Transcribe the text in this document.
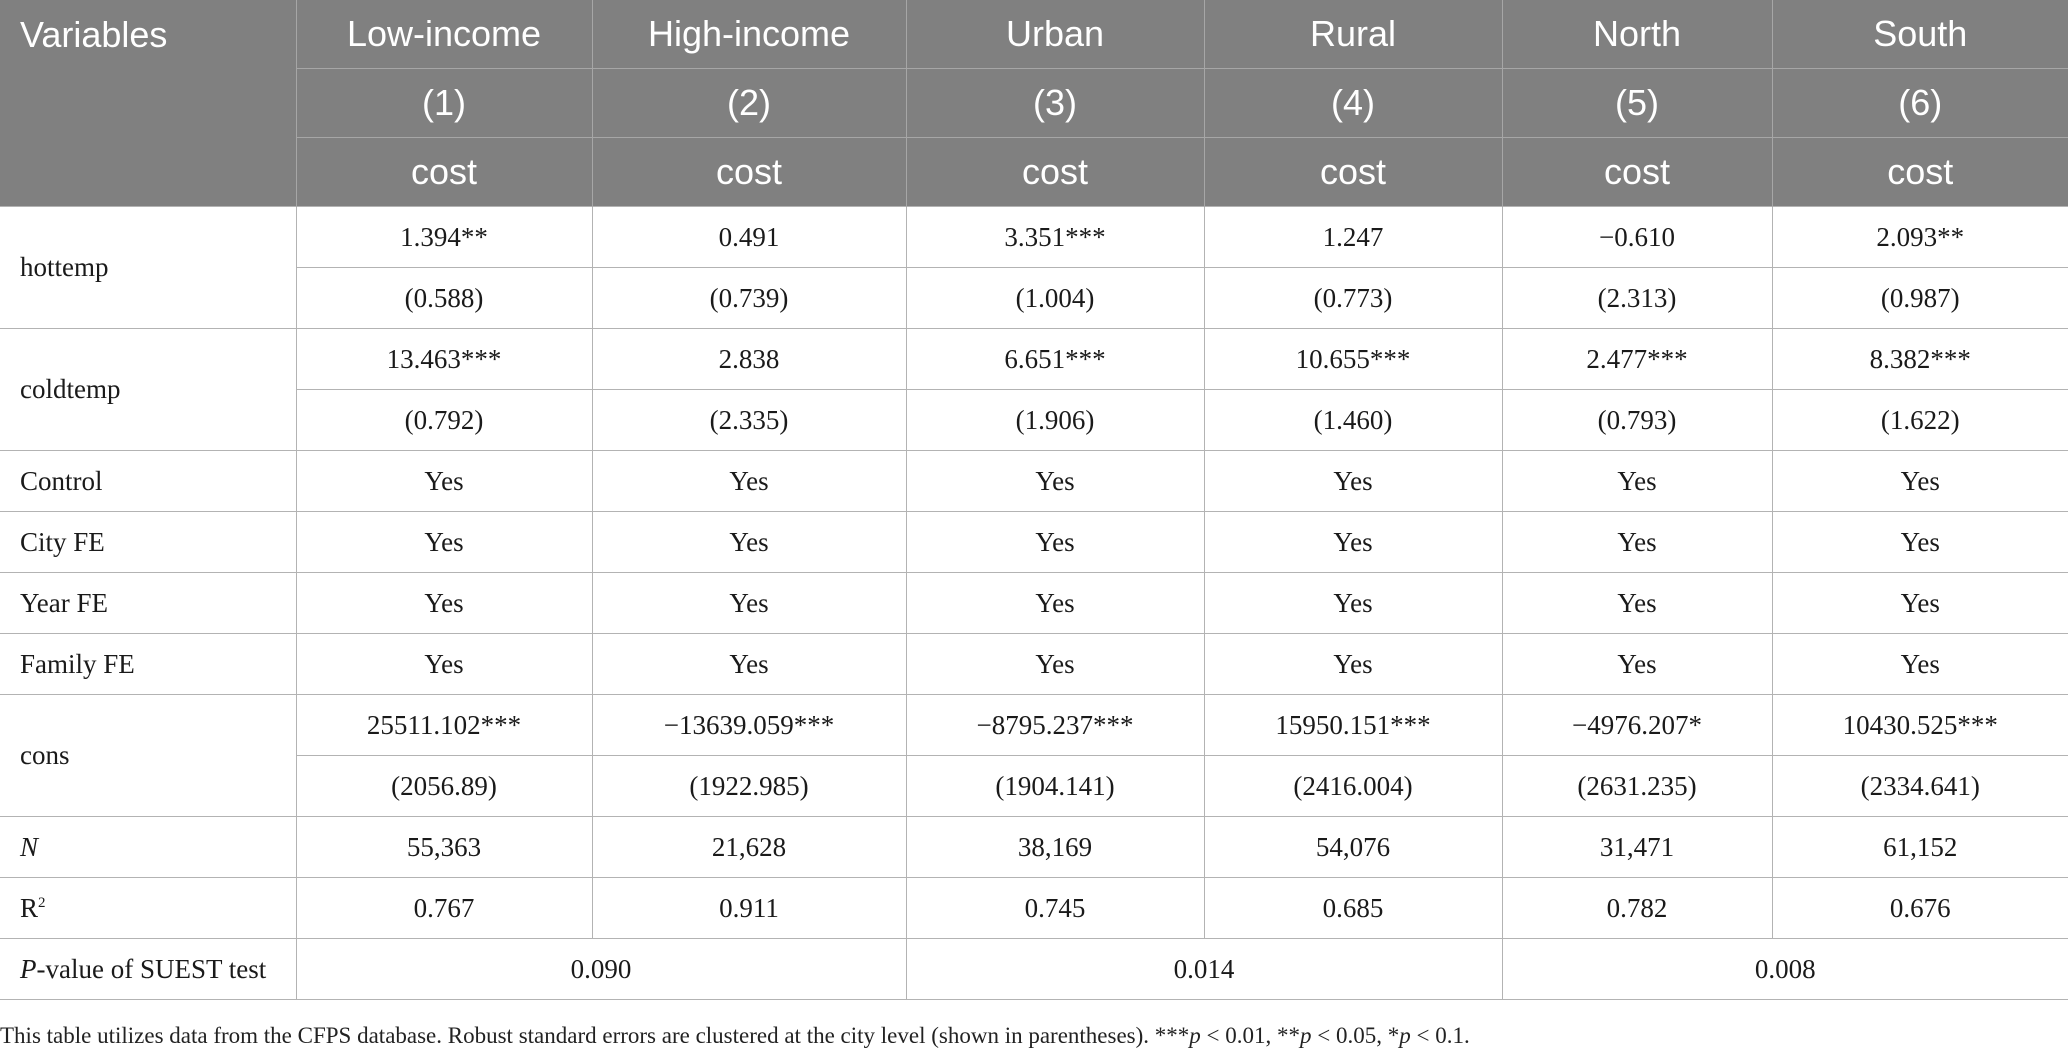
Variables	Low-income	High-income	Urban	Rural	North	South
	(1)	(2)	(3)	(4)	(5)	(6)
	cost	cost	cost	cost	cost	cost
hottemp	1.394**	0.491	3.351***	1.247	−0.610	2.093**
	(0.588)	(0.739)	(1.004)	(0.773)	(2.313)	(0.987)
coldtemp	13.463***	2.838	6.651***	10.655***	2.477***	8.382***
	(0.792)	(2.335)	(1.906)	(1.460)	(0.793)	(1.622)
Control	Yes	Yes	Yes	Yes	Yes	Yes
City FE	Yes	Yes	Yes	Yes	Yes	Yes
Year FE	Yes	Yes	Yes	Yes	Yes	Yes
Family FE	Yes	Yes	Yes	Yes	Yes	Yes
cons	25511.102***	−13639.059***	−8795.237***	15950.151***	−4976.207*	10430.525***
	(2056.89)	(1922.985)	(1904.141)	(2416.004)	(2631.235)	(2334.641)
N	55,363	21,628	38,169	54,076	31,471	61,152
$R^2$	0.767	0.911	0.745	0.685	0.782	0.676
P-value of SUEST test	0.090		0.014		0.008	
This table utilizes data from the CFPS database. Robust standard errors are clustered at the city level (shown in parentheses). ***p < 0.01, **p < 0.05, *p < 0.1.
